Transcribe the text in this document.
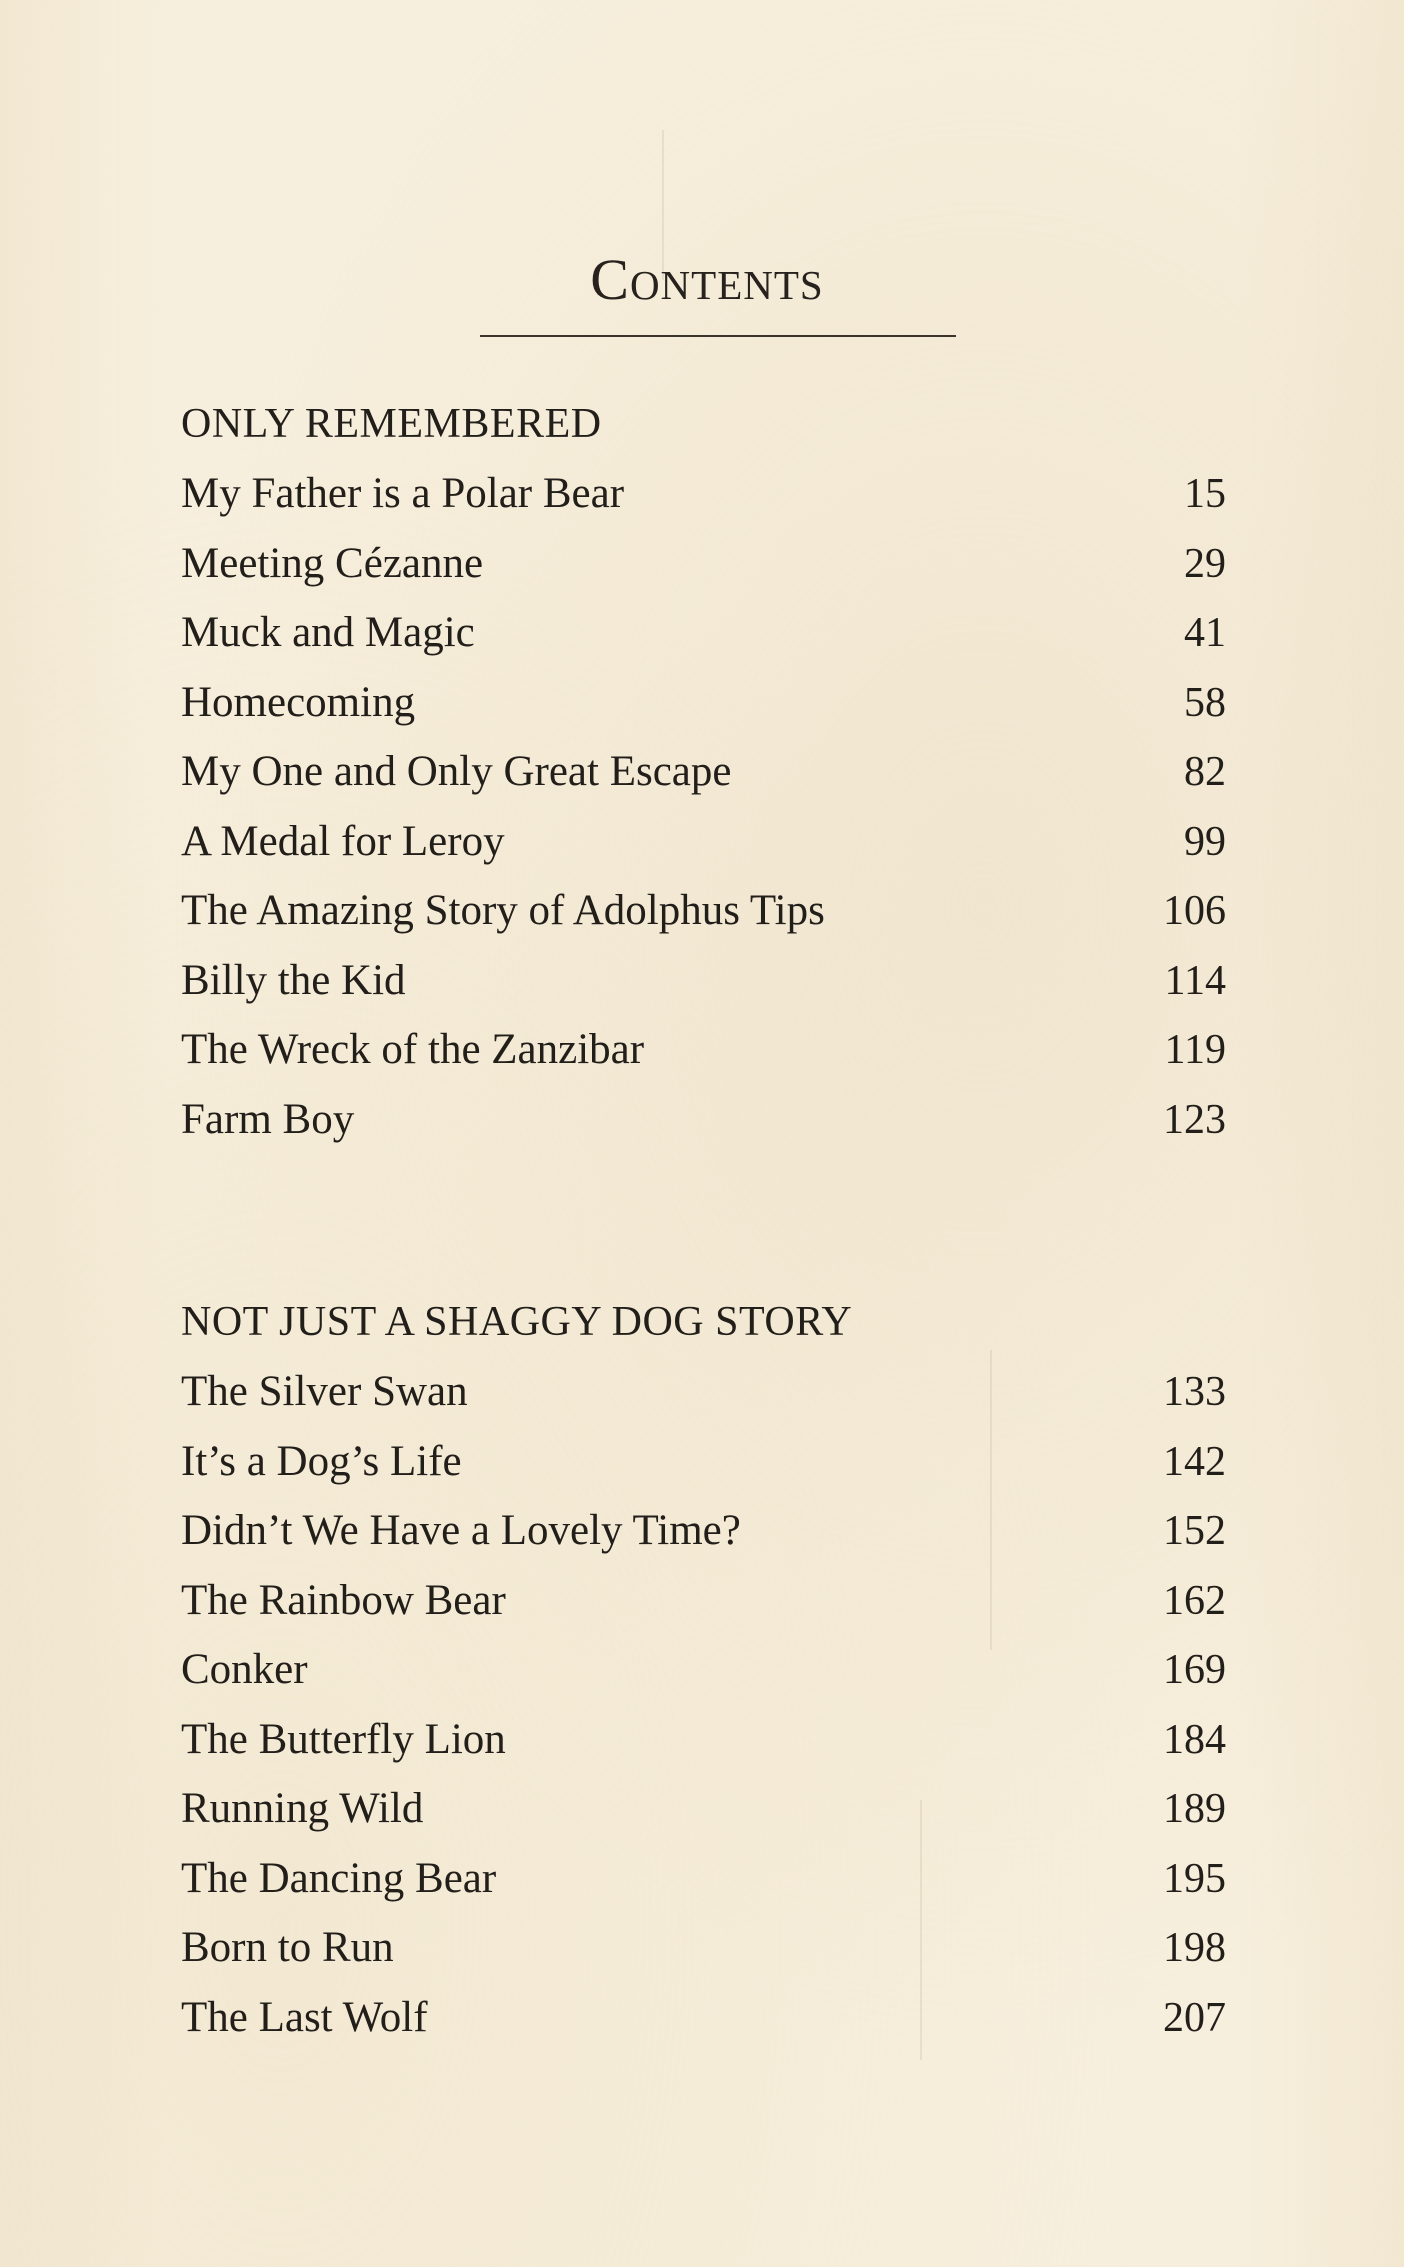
Contents
ONLY REMEMBERED
My Father is a Polar Bear	15
Meeting Cézanne	29
Muck and Magic	41
Homecoming	58
My One and Only Great Escape	82
A Medal for Leroy	99
The Amazing Story of Adolphus Tips	106
Billy the Kid	114
The Wreck of the Zanzibar	119
Farm Boy	123
NOT JUST A SHAGGY DOG STORY
The Silver Swan	133
It’s a Dog’s Life	142
Didn’t We Have a Lovely Time?	152
The Rainbow Bear	162
Conker	169
The Butterfly Lion	184
Running Wild	189
The Dancing Bear	195
Born to Run	198
The Last Wolf	207
